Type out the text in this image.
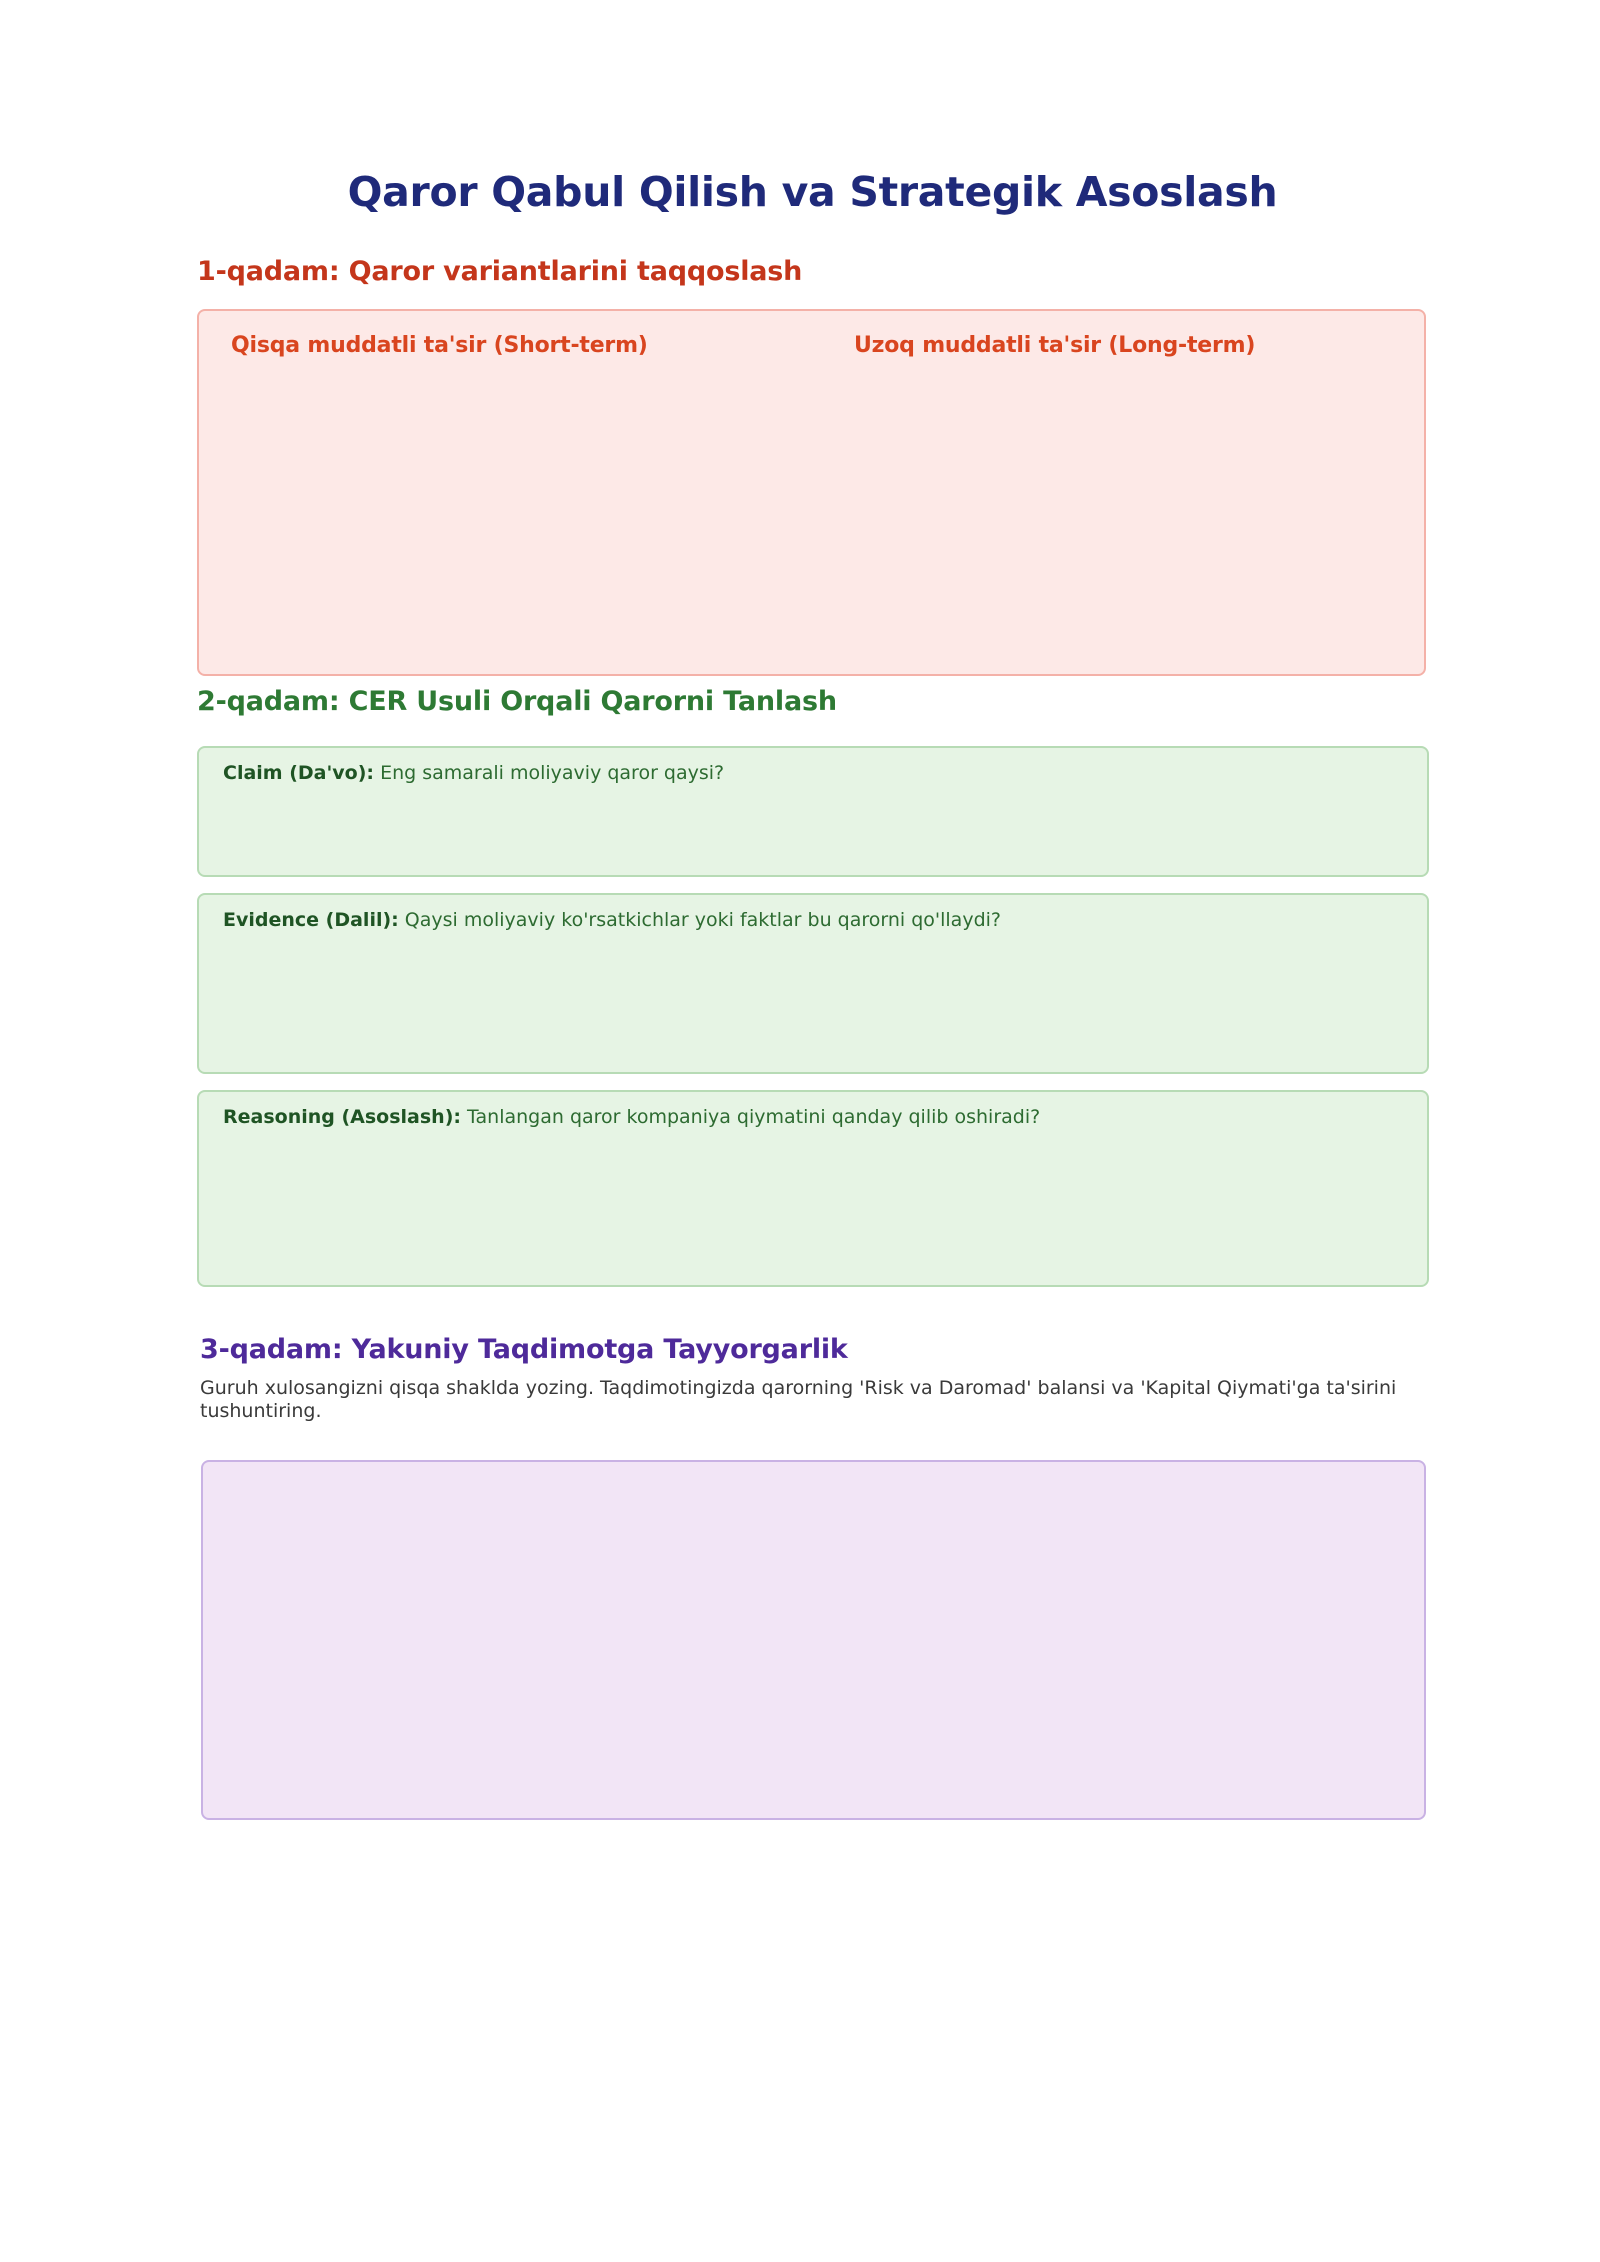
Qaror Qabul Qilish va Strategik Asoslash
1-qadam: Qaror variantlarini taqqoslash
Qisqa muddatli ta'sir (Short-term)	Uzoq muddatli ta'sir (Long-term)
2-qadam: CER Usuli Orqali Qarorni Tanlash
Claim (Da'vo): Eng samarali moliyaviy qaror qaysi?
Evidence (Dalil): Qaysi moliyaviy ko'rsatkichlar yoki faktlar bu qarorni qo'llaydi?
Reasoning (Asoslash): Tanlangan qaror kompaniya qiymatini qanday qilib oshiradi?
3-qadam: Yakuniy Taqdimotga Tayyorgarlik

Guruh xulosangizni qisqa shaklda yozing. Taqdimotingizda qarorning 'Risk va Daromad' balansi va 'Kapital Qiymati'ga ta'sirini tushuntiring.
